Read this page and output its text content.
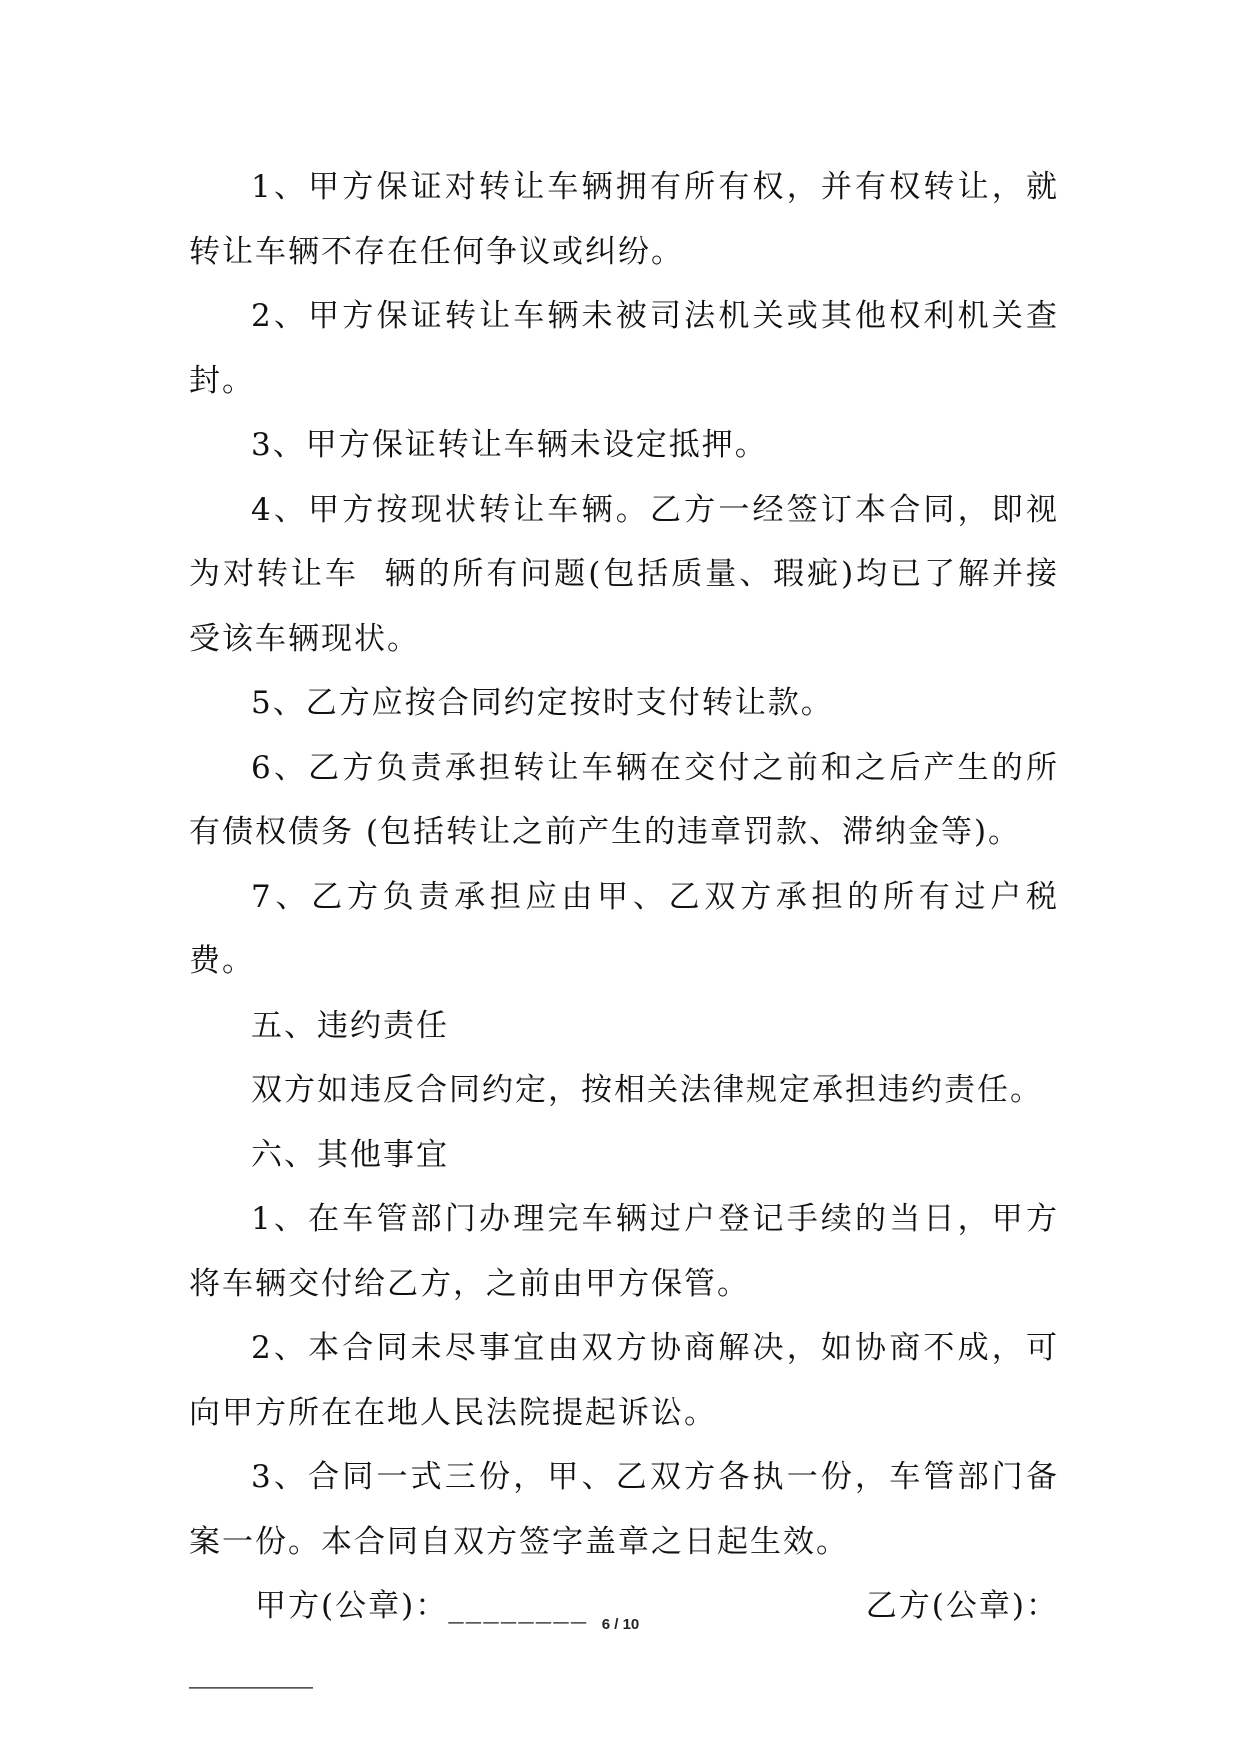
1、甲方保证对转让车辆拥有所有权，并有权转让，就转让车辆不存在任何争议或纠纷。

2、甲方保证转让车辆未被司法机关或其他权利机关查封。

3、甲方保证转让车辆未设定抵押。

4、甲方按现状转让车辆。乙方一经签订本合同，即视为对转让车  辆的所有问题(包括质量、瑕疵)均已了解并接受该车辆现状。

5、乙方应按合同约定按时支付转让款。

6、乙方负责承担转让车辆在交付之前和之后产生的所有债权债务 (包括转让之前产生的违章罚款、滞纳金等)。

7、乙方负责承担应由甲、乙双方承担的所有过户税费。

五、违约责任

双方如违反合同约定，按相关法律规定承担违约责任。

六、其他事宜

1、在车管部门办理完车辆过户登记手续的当日，甲方将车辆交付给乙方，之前由甲方保管。

2、本合同未尽事宜由双方协商解决，如协商不成，可向甲方所在在地人民法院提起诉讼。

3、合同一式三份，甲、乙双方各执一份，车管部门备案一份。本合同自双方签字盖章之日起生效。

甲方(公章)：________	乙方(公章)：
________
6 / 10
